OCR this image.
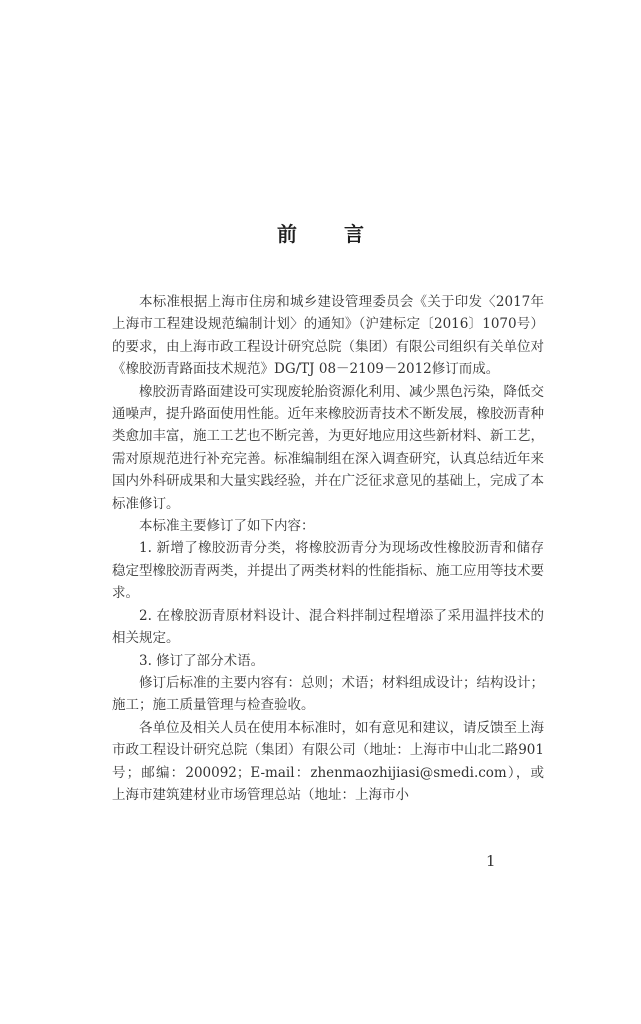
前 言

本标准根据上海市住房和城乡建设管理委员会《关于印发〈2017年上海市工程建设规范编制计划〉的通知》（沪建标定〔2016〕1070号）的要求，由上海市政工程设计研究总院（集团）有限公司组织有关单位对《橡胶沥青路面技术规范》DG/TJ 08－2109－2012修订而成。

橡胶沥青路面建设可实现废轮胎资源化利用、减少黑色污染，降低交通噪声，提升路面使用性能。近年来橡胶沥青技术不断发展，橡胶沥青种类愈加丰富，施工工艺也不断完善，为更好地应用这些新材料、新工艺，需对原规范进行补充完善。标准编制组在深入调查研究，认真总结近年来国内外科研成果和大量实践经验，并在广泛征求意见的基础上，完成了本标准修订。

本标准主要修订了如下内容：

1. 新增了橡胶沥青分类，将橡胶沥青分为现场改性橡胶沥青和储存稳定型橡胶沥青两类，并提出了两类材料的性能指标、施工应用等技术要求。

2. 在橡胶沥青原材料设计、混合料拌制过程增添了采用温拌技术的相关规定。

3. 修订了部分术语。

修订后标准的主要内容有：总则；术语；材料组成设计；结构设计；施工；施工质量管理与检查验收。

各单位及相关人员在使用本标准时，如有意见和建议，请反馈至上海市政工程设计研究总院（集团）有限公司（地址：上海市中山北二路901号；邮编：200092；E-mail：zhenmaozhijiasi@smedi.com），或上海市建筑建材业市场管理总站（地址：上海市小

1
